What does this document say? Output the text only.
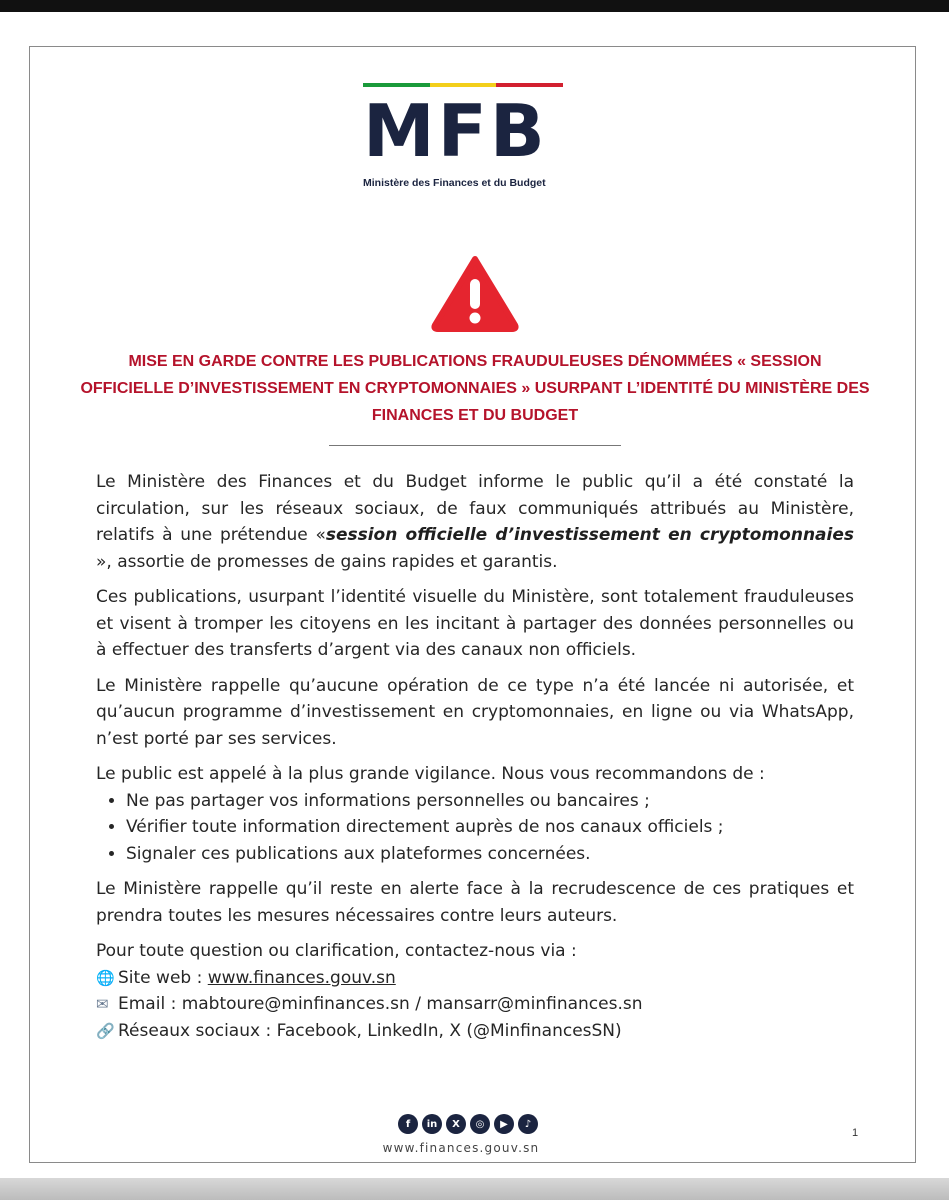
MFB
Ministère des Finances et du Budget
MISE EN GARDE CONTRE LES PUBLICATIONS FRAUDULEUSES DÉNOMMÉES « SESSION OFFICIELLE D’INVESTISSEMENT EN CRYPTOMONNAIES » USURPANT L’IDENTITÉ DU MINISTÈRE DES FINANCES ET DU BUDGET

Le Ministère des Finances et du Budget informe le public qu’il a été constaté la circulation, sur les réseaux sociaux, de faux communiqués attribués au Ministère, relatifs à une prétendue «session officielle d’investissement en cryptomonnaies », assortie de promesses de gains rapides et garantis.

Ces publications, usurpant l’identité visuelle du Ministère, sont totalement frauduleuses et visent à tromper les citoyens en les incitant à partager des données personnelles ou à effectuer des transferts d’argent via des canaux non officiels.

Le Ministère rappelle qu’aucune opération de ce type n’a été lancée ni autorisée, et qu’aucun programme d’investissement en cryptomonnaies, en ligne ou via WhatsApp, n’est porté par ses services.

Le public est appelé à la plus grande vigilance. Nous vous recommandons de :

• Ne pas partager vos informations personnelles ou bancaires ;
• Vérifier toute information directement auprès de nos canaux officiels ;
• Signaler ces publications aux plateformes concernées.

Le Ministère rappelle qu’il reste en alerte face à la recrudescence de ces pratiques et prendra toutes les mesures nécessaires contre leurs auteurs.

Pour toute question ou clarification, contactez-nous via :

🌐 Site web : www.finances.gouv.sn
✉ Email : mabtoure@minfinances.sn / mansarr@minfinances.sn
🔗 Réseaux sociaux : Facebook, LinkedIn, X (@MinfinancesSN)
f	in	X	◎	▶	♪
www.finances.gouv.sn
1
